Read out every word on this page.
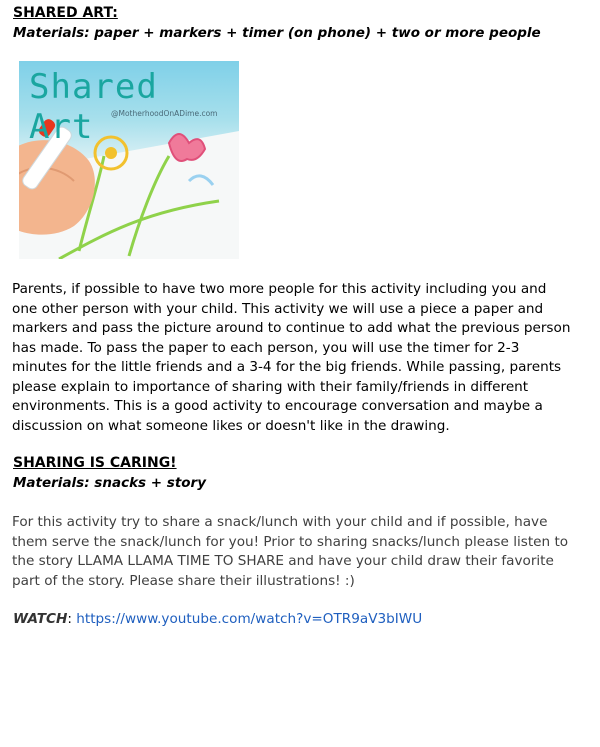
SHARED ART:
Materials: paper + markers + timer (on phone) + two or more people
Shared Art	@MotherhoodOnADime.com

Parents, if possible to have two more people for this activity including you and one other person with your child. This activity we will use a piece a paper and markers and pass the picture around to continue to add what the previous person has made. To pass the paper to each person, you will use the timer for 2-3 minutes for the little friends and a 3-4 for the big friends. While passing, parents please explain to importance of sharing with their family/friends in different environments. This is a good activity to encourage conversation and maybe a discussion on what someone likes or doesn't like in the drawing.

SHARING IS CARING!
Materials: snacks + story

For this activity try to share a snack/lunch with your child and if possible, have them serve the snack/lunch for you! Prior to sharing snacks/lunch please listen to the story LLAMA LLAMA TIME TO SHARE and have your child draw their favorite part of the story. Please share their illustrations! :)

WATCH: https://www.youtube.com/watch?v=OTR9aV3bIWU
